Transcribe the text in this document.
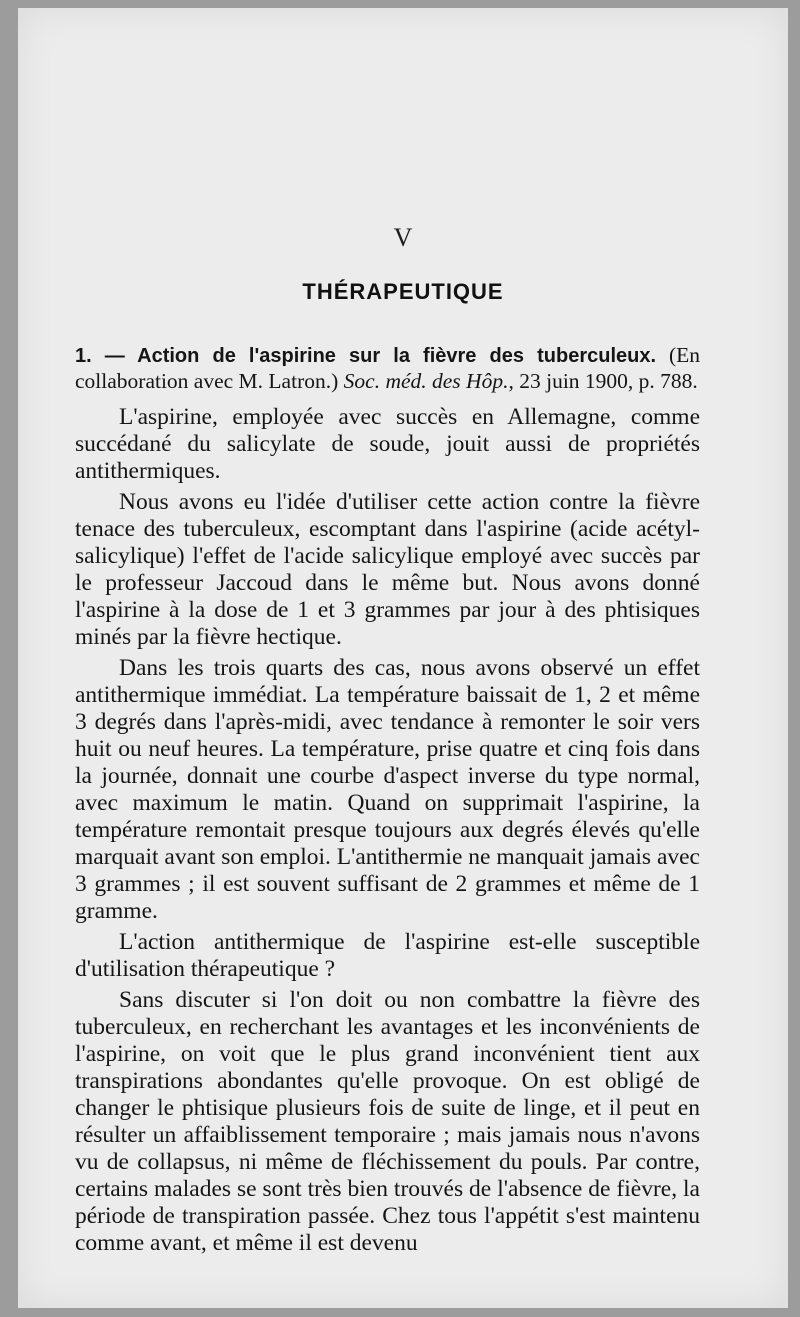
V
THÉRAPEUTIQUE

1. — Action de l'aspirine sur la fièvre des tuberculeux. (En collaboration avec M. Latron.) Soc. méd. des Hôp., 23 juin 1900, p. 788.

L'aspirine, employée avec succès en Allemagne, comme succédané du salicylate de soude, jouit aussi de propriétés antithermiques.

Nous avons eu l'idée d'utiliser cette action contre la fièvre tenace des tuberculeux, escomptant dans l'aspirine (acide acétyl-salicylique) l'effet de l'acide salicylique employé avec succès par le professeur Jaccoud dans le même but. Nous avons donné l'aspirine à la dose de 1 et 3 grammes par jour à des phtisiques minés par la fièvre hectique.

Dans les trois quarts des cas, nous avons observé un effet antithermique immédiat. La température baissait de 1, 2 et même 3 degrés dans l'après-midi, avec tendance à remonter le soir vers huit ou neuf heures. La température, prise quatre et cinq fois dans la journée, donnait une courbe d'aspect inverse du type normal, avec maximum le matin. Quand on supprimait l'aspirine, la température remontait presque toujours aux degrés élevés qu'elle marquait avant son emploi. L'antithermie ne manquait jamais avec 3 grammes ; il est souvent suffisant de 2 grammes et même de 1 gramme.

L'action antithermique de l'aspirine est-elle susceptible d'utilisation thérapeutique ?

Sans discuter si l'on doit ou non combattre la fièvre des tuberculeux, en recherchant les avantages et les inconvénients de l'aspirine, on voit que le plus grand inconvénient tient aux transpirations abondantes qu'elle provoque. On est obligé de changer le phtisique plusieurs fois de suite de linge, et il peut en résulter un affaiblissement temporaire ; mais jamais nous n'avons vu de collapsus, ni même de fléchissement du pouls. Par contre, certains malades se sont très bien trouvés de l'absence de fièvre, la période de transpiration passée. Chez tous l'appétit s'est maintenu comme avant, et même il est devenu
